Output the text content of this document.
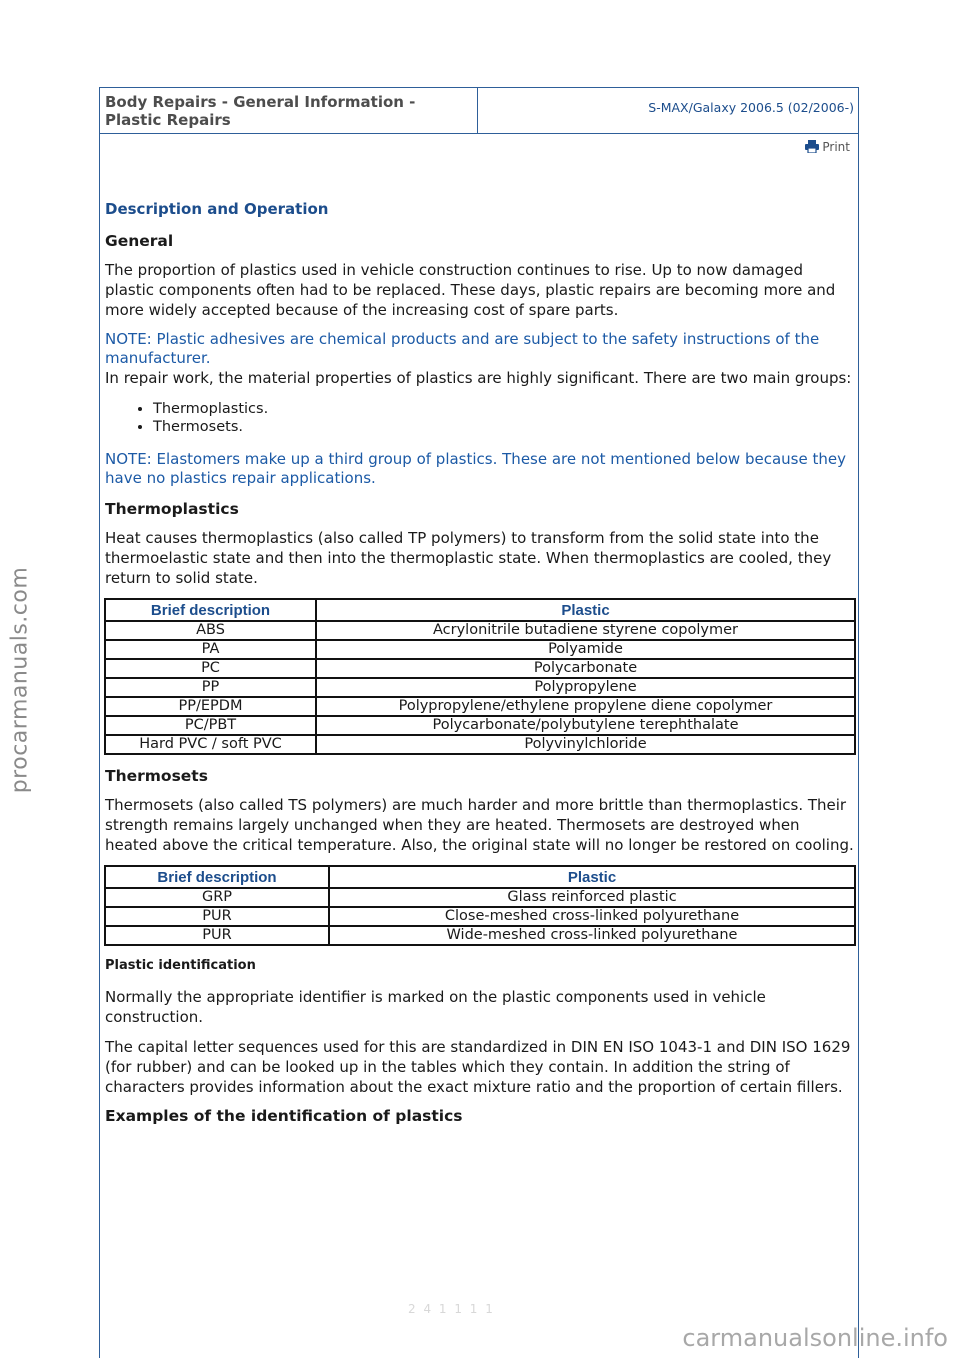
procarmanuals.com
Body Repairs - General Information -
Plastic Repairs
S-MAX/Galaxy 2006.5 (02/2006-)
Print
Description and Operation
General

The proportion of plastics used in vehicle construction continues to rise. Up to now damaged plastic components often had to be replaced. These days, plastic repairs are becoming more and more widely accepted because of the increasing cost of spare parts.

NOTE: Plastic adhesives are chemical products and are subject to the safety instructions of the manufacturer.

In repair work, the material properties of plastics are highly significant. There are two main groups:

• Thermoplastics.
• Thermosets.
NOTE: Elastomers make up a third group of plastics. These are not mentioned below because they have no plastics repair applications.
Thermoplastics

Heat causes thermoplastics (also called TP polymers) to transform from the solid state into the thermoelastic state and then into the thermoplastic state. When thermoplastics are cooled, they return to solid state.

Brief description	Plastic
ABS	Acrylonitrile butadiene styrene copolymer
PA	Polyamide
PC	Polycarbonate
PP	Polypropylene
PP/EPDM	Polypropylene/ethylene propylene diene copolymer
PC/PBT	Polycarbonate/polybutylene terephthalate
Hard PVC / soft PVC	Polyvinylchloride
Thermosets

Thermosets (also called TS polymers) are much harder and more brittle than thermoplastics. Their strength remains largely unchanged when they are heated. Thermosets are destroyed when heated above the critical temperature. Also, the original state will no longer be restored on cooling.

Brief description	Plastic
GRP	Glass reinforced plastic
PUR	Close-meshed cross-linked polyurethane
PUR	Wide-meshed cross-linked polyurethane
Plastic identification

Normally the appropriate identifier is marked on the plastic components used in vehicle construction.

The capital letter sequences used for this are standardized in DIN EN ISO 1043-1 and DIN ISO 1629 (for rubber) and can be looked up in the tables which they contain. In addition the string of characters provides information about the exact mixture ratio and the proportion of certain fillers.

Examples of the identification of plastics
2 4 1 1 1 1
carmanualsonline.info
